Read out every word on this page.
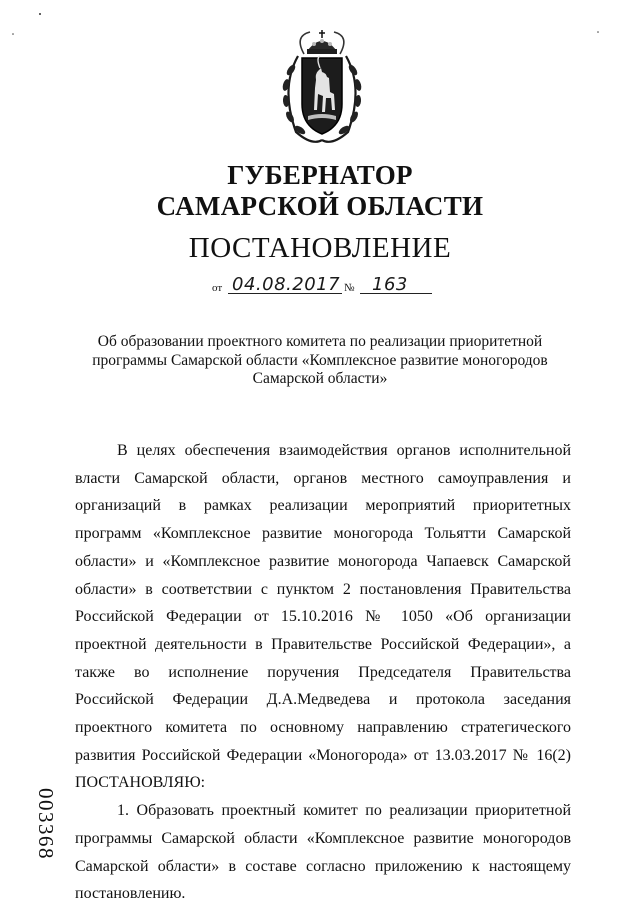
ГУБЕРНАТОР
САМАРСКОЙ ОБЛАСТИ
ПОСТАНОВЛЕНИЕ
от 04.08.2017 № 163
Об образовании проектного комитета по реализации приоритетной программы Самарской области «Комплексное развитие моногородов Самарской области»

В целях обеспечения взаимодействия органов исполнительной власти Самарской области, органов местного самоуправления и организаций в рамках реализации мероприятий приоритетных программ «Комплексное развитие моногорода Тольятти Самарской области» и «Комплексное развитие моногорода Чапаевск Самарской области» в соответствии с пунктом 2 постановления Правительства Российской Федерации от 15.10.2016 № 1050 «Об организации проектной деятельности в Правительстве Российской Федерации», а также во исполнение поручения Председателя Правительства Российской Федерации Д.А.Медведева и протокола заседания проектного комитета по основному направлению стратегического развития Российской Федерации «Моногорода» от 13.03.2017 № 16(2) ПОСТАНОВЛЯЮ:

1. Образовать проектный комитет по реализации приоритетной программы Самарской области «Комплексное развитие моногородов Самарской области» в составе согласно приложению к настоящему постановлению.

003368
